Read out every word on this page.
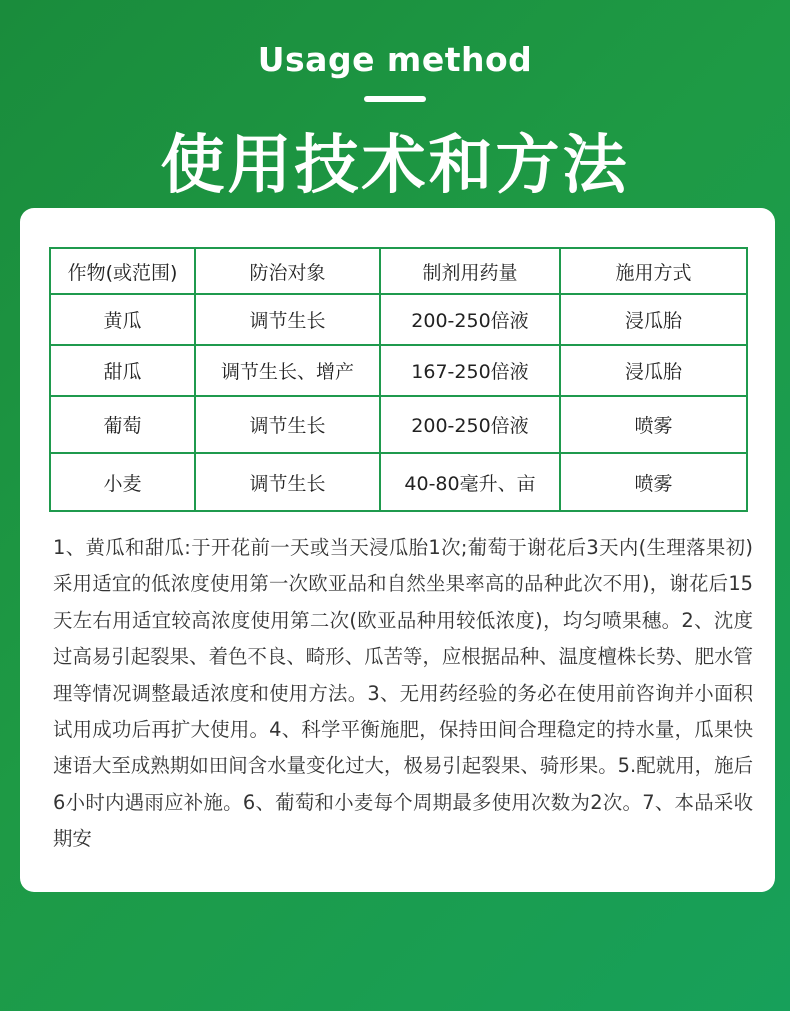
Usage method
使用技术和方法
作物(或范围)	防治对象	制剂用药量	施用方式
黄瓜	调节生长	200-250倍液	浸瓜胎
甜瓜	调节生长、增产	167-250倍液	浸瓜胎
葡萄	调节生长	200-250倍液	喷雾
小麦	调节生长	40-80毫升、亩	喷雾
1、黄瓜和甜瓜:于开花前一天或当天浸瓜胎1次;葡萄于谢花后3天内(生理落果初)采用适宜的低浓度使用第一次欧亚品和自然坐果率高的品种此次不用)，谢花后15天左右用适宜较高浓度使用第二次(欧亚品种用较低浓度)，均匀喷果穗。2、沈度过高易引起裂果、着色不良、畸形、瓜苦等，应根据品种、温度檀株长势、肥水管理等情况调整最适浓度和使用方法。3、无用药经验的务必在使用前咨询并小面积试用成功后再扩大使用。4、科学平衡施肥，保持田间合理稳定的持水量，瓜果快速语大至成熟期如田间含水量变化过大，极易引起裂果、骑形果。5.配就用，施后6小时内遇雨应补施。6、葡萄和小麦每个周期最多使用次数为2次。7、本品采收期安
